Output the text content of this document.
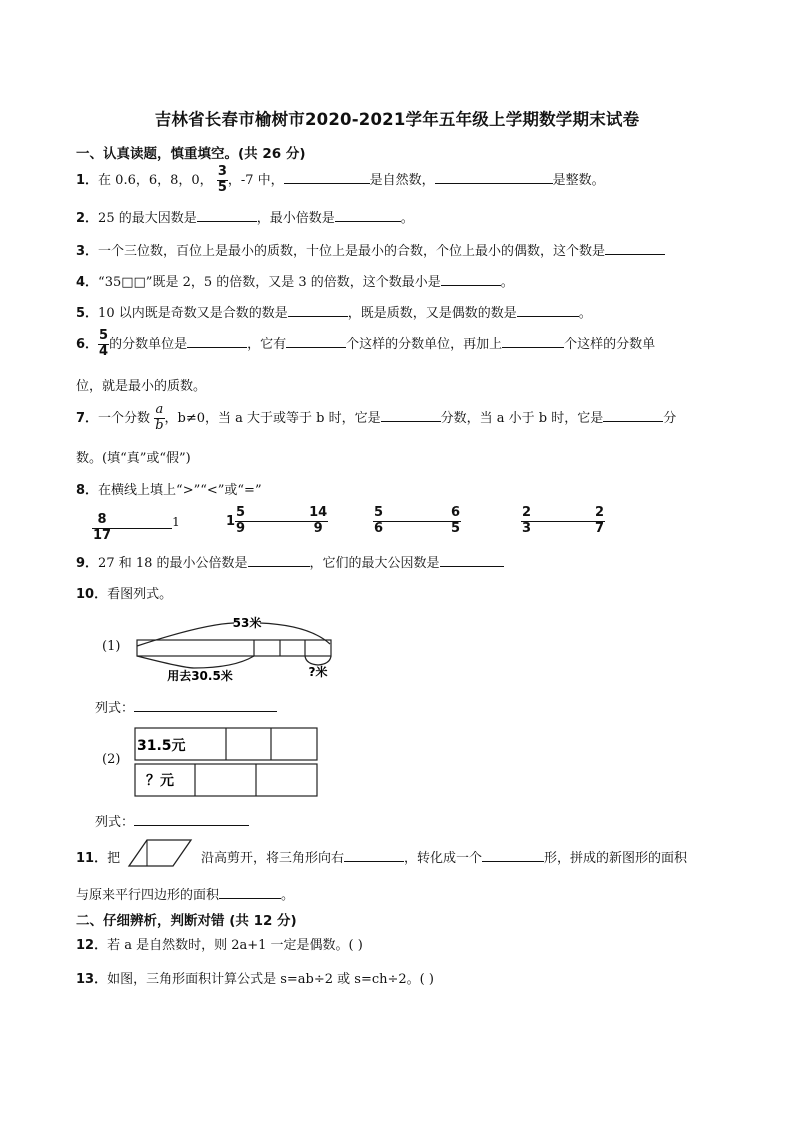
吉林省长春市榆树市2020-2021学年五年级上学期数学期末试卷
一、认真读题，慎重填空。(共 26 分)
1．在 0.6，6，8，0， $\frac{3}{5}$ ，-7 中，	是自然数，	是整数。
2．25 的最大因数是	，最小倍数是	。
3．一个三位数，百位上是最小的质数，十位上是最小的合数，个位上最小的偶数，这个数是
4．“35□□”既是 2，5 的倍数，又是 3 的倍数，这个数最小是	。
5．10 以内既是奇数又是合数的数是	，既是质数，又是偶数的数是	。
6． $\frac{5}{4}$ 的分数单位是	，它有	个这样的分数单位，再加上	个这样的分数单
位，就是最小的质数。
7．一个分数 $\frac{a}{b}$ ，b≠0，当 a 大于或等于 b 时，它是	分数，当 a 小于 b 时，它是	分
数。(填“真”或“假”)
8．在横线上填上“>”“<”或“=”
$\frac{8}{17}$	1	$1 \frac{5}{9}$	$\frac{14}{9}$	$\frac{5}{6}$	$\frac{6}{5}$	$\frac{2}{3}$	$\frac{2}{7}$
9．27 和 18 的最小公倍数是	，它们的最大公因数是
10．看图列式。
(1)
53米
用去30.5米	?米
列式：
(2)
31.5元
？元
列式：
11．把	沿高剪开，将三角形向右	，转化成一个	形，拼成的新图形的面积
与原来平行四边形的面积	。
二、仔细辨析，判断对错 (共 12 分)
12．若 a 是自然数时，则 2a+1 一定是偶数。( )
13．如图，三角形面积计算公式是 s=ab÷2 或 s=ch÷2。( )
